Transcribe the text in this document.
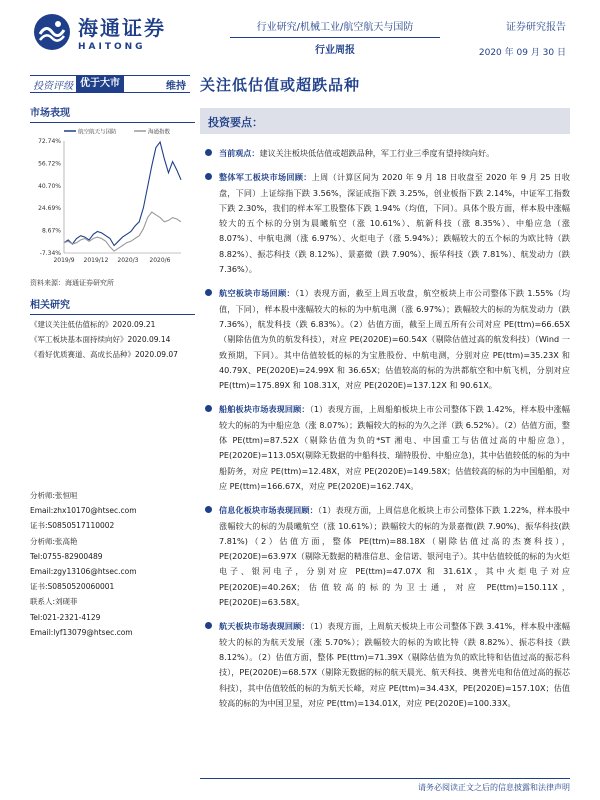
海通证券
HAITONG
行业研究/机械工业/航空航天与国防
行业周报
证券研究报告
2020 年 09 月 30 日
投资评级 优于大市	维持 关注低估值或超跌品种
市场表现
航空航天与国防	海通指数
72.74%
56.72%
40.70%
24.69%
8.67%
-7.34%
2019/9 2019/12 2020/3 2020/6
资料来源：海通证券研究所
相关研究
《建议关注低估值标的》2020.09.21
《军工板块基本面持续向好》2020.09.14
《看好优质赛道、高成长品种》2020.09.07
分析师:张恒晅
Email:zhx10170@htsec.com
证书:S0850517110002
分析师:张高艳
Tel:0755-82900489
Email:zgy13106@htsec.com
证书:S0850520060001
联系人:刘砚菲
Tel:021-2321-4129
Email:lyf13079@htsec.com
投资要点：
当前观点：建议关注板块低估值或超跌品种，军工行业三季度有望持续向好。
整体军工板块市场回顾：上周（计算区间为 2020 年 9 月 18 日收盘至 2020 年 9 月 25 日收盘，下同）上证综指下跌 3.56%，深证成指下跌 3.25%，创业板指下跌 2.14%，中证军工指数下跌 2.30%，我们的样本军工股整体下跌 1.94%（均值，下同）。具体个股方面，样本股中涨幅较大的五个标的分别为晨曦航空（涨 10.61%）、航新科技（涨 8.35%）、中船应急（涨 8.07%）、中航电测（涨 6.97%）、火炬电子（涨 5.94%）；跌幅较大的五个标的为欧比特（跌 8.82%）、振芯科技（跌 8.12%）、景嘉微（跌 7.90%）、振华科技（跌 7.81%）、航发动力（跌 7.36%）。
航空板块市场回顾：（1）表现方面，截至上周五收盘，航空板块上市公司整体下跌 1.55%（均值，下同），样本股中涨幅较大的标的为中航电测（涨 6.97%）；跌幅较大的标的为航发动力（跌 7.36%），航发科技（跌 6.83%）。（2）估值方面，截至上周五所有公司对应 PE(ttm)=66.65X（剔除估值为负的航发科技），对应 PE(2020E)=60.54X（剔除估值过高的航发科技）（Wind 一致预期，下同）。其中估值较低的标的为宝胜股份、中航电测，分别对应 PE(ttm)=35.23X 和 40.79X、PE(2020E)=24.99X 和 36.65X；估值较高的标的为洪都航空和中航飞机，分别对应 PE(ttm)=175.89X 和 108.31X，对应 PE(2020E)=137.12X 和 90.61X。
船舶板块市场表现回顾：（1）表现方面，上周船舶板块上市公司整体下跌 1.42%，样本股中涨幅较大的标的为中船应急（涨 8.07%）；跌幅较大的标的为久之洋（跌 6.52%）。（2）估值方面，整体 PE(ttm)=87.52X（剔除估值为负的*ST 湘电、中国重工与估值过高的中船应急），PE(2020E)=113.05X(剔除无数据的中船科技、瑞特股份、中船应急)，其中估值较低的标的为中船防务，对应 PE(ttm)=12.48X，对应 PE(2020E)=149.58X；估值较高的标的为中国船舶，对应 PE(ttm)=166.67X，对应 PE(2020E)=162.74X。
信息化板块市场表现回顾：（1）表现方面，上周信息化板块上市公司整体下跌 1.22%，样本股中涨幅较大的标的为晨曦航空（涨 10.61%）；跌幅较大的标的为景嘉微(跌 7.90%)、振华科技(跌 7.81%)（2）估值方面，整体 PE(ttm)=88.18X（剔除估值过高的杰赛科技），PE(2020E)=63.97X（剔除无数据的精准信息、金信诺、银河电子）。其中估值较低的标的为火炬电子、银河电子，分别对应 PE(ttm)=47.07X 和 31.61X，其中火炬电子对应 PE(2020E)=40.26X；估值较高的标的为卫士通，对应 PE(ttm)=150.11X，PE(2020E)=63.58X。
航天板块市场表现回顾：（1）表现方面，上周航天板块上市公司整体下跌 3.41%，样本股中涨幅较大的标的为航天发展（涨 5.70%）；跌幅较大的标的为欧比特（跌 8.82%）、振芯科技（跌 8.12%）。（2）估值方面，整体 PE(ttm)=71.39X（剔除估值为负的欧比特和估值过高的振芯科技），PE(2020E)=68.57X（剔除无数据的标的航天晨光、航天科技、奥普光电和估值过高的振芯科技），其中估值较低的标的为航天长峰，对应 PE(ttm)=34.43X，PE(2020E)=157.10X；估值较高的标的为中国卫星，对应 PE(ttm)=134.01X，对应 PE(2020E)=100.33X。
请务必阅读正文之后的信息披露和法律声明
